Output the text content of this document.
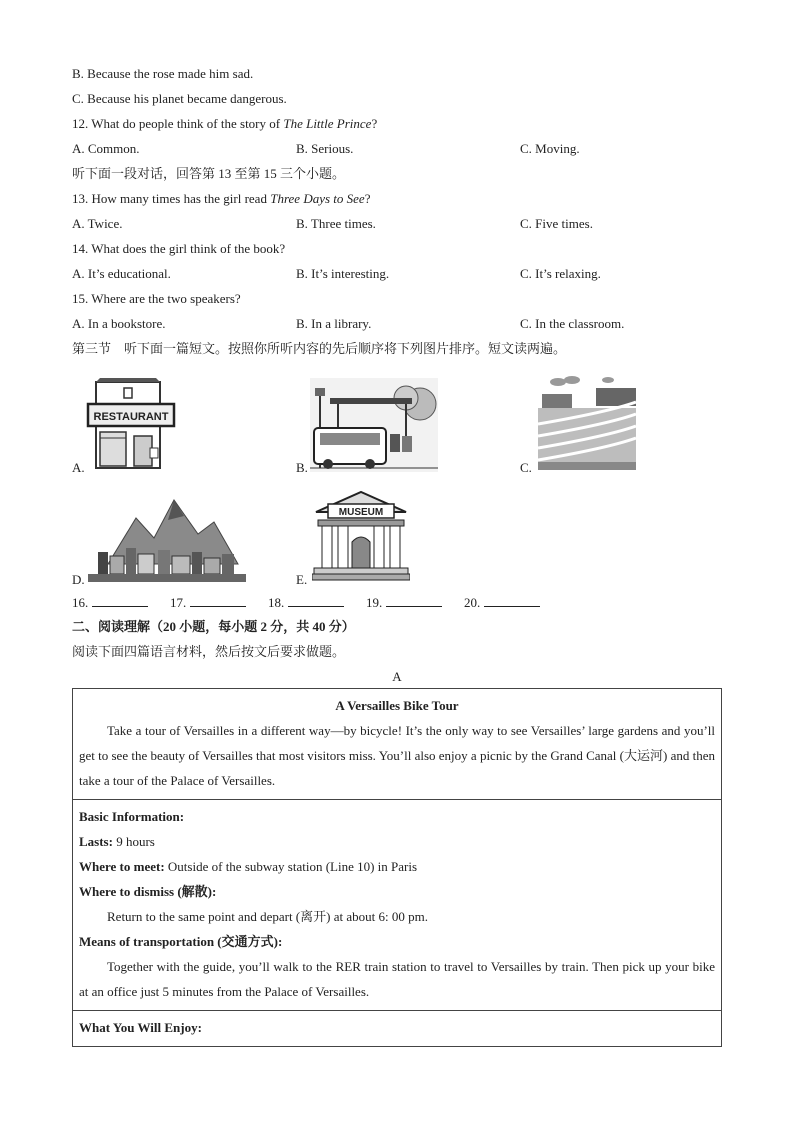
B. Because the rose made him sad.
C. Because his planet became dangerous.
12. What do people think of the story of The Little Prince?
A. Common.	B. Serious.	C. Moving.
听下面一段对话，回答第 13 至第 15 三个小题。
13. How many times has the girl read Three Days to See?
A. Twice.	B. Three times.	C. Five times.
14. What does the girl think of the book?
A. It’s educational.	B. It’s interesting.	C. It’s relaxing.
15. Where are the two speakers?
A. In a bookstore.	B. In a library.	C. In the classroom.
第三节　听下面一篇短文。按照你所听内容的先后顺序将下列图片排序。短文读两遍。
A.
RESTAURANT
B.	C.
D.	E.
MUSEUM
16.	17.	18.	19.	20.
二、阅读理解（20 小题，每小题 2 分，共 40 分）
阅读下面四篇语言材料，然后按文后要求做题。
A
A Versailles Bike Tour
Take a tour of Versailles in a different way—by bicycle! It’s the only way to see Versailles’ large gardens and you’ll get to see the beauty of Versailles that most visitors miss. You’ll also enjoy a picnic by the Grand Canal (大运河) and then take a tour of the Palace of Versailles.

Basic Information:
Lasts: 9 hours
Where to meet: Outside of the subway station (Line 10) in Paris
Where to dismiss (解散):
Return to the same point and depart (离开) at about 6: 00 pm.
Means of transportation (交通方式):
Together with the guide, you’ll walk to the RER train station to travel to Versailles by train. Then pick up your bike at an office just 5 minutes from the Palace of Versailles.

What You Will Enjoy:
